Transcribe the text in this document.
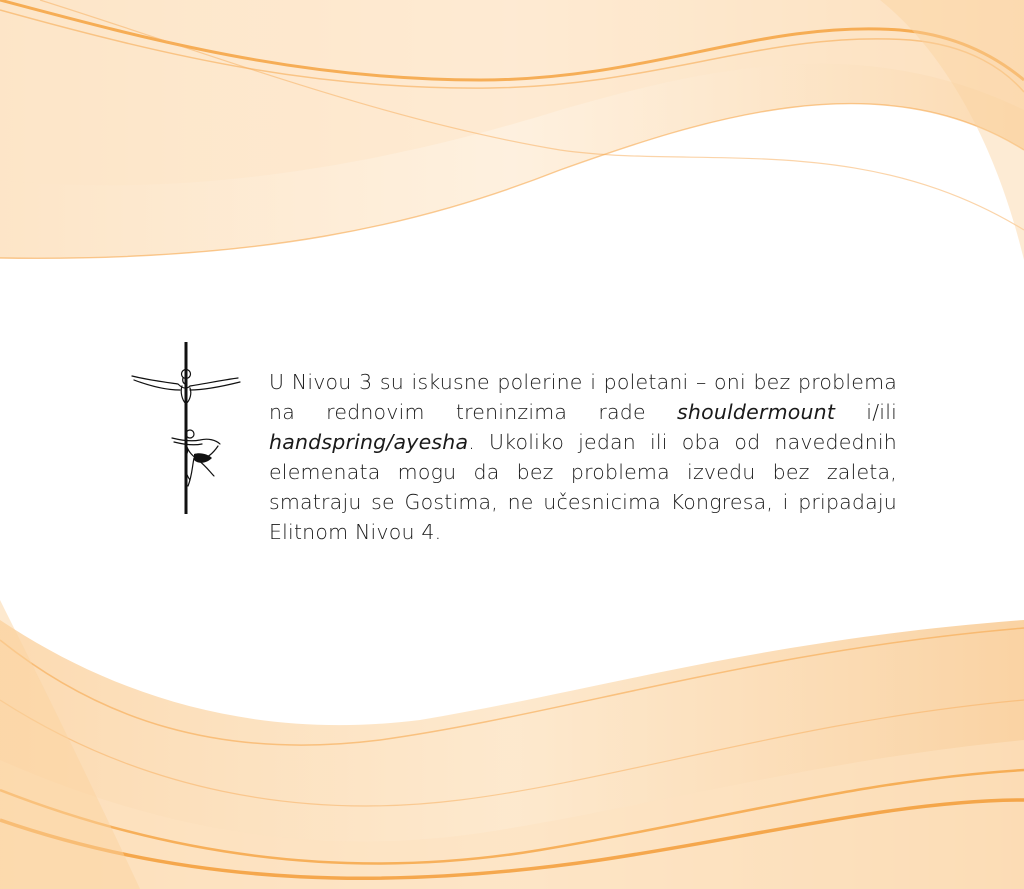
U Nivou 3 su iskusne polerine i poletani – oni bez problema na rednovim treninzima rade shouldermount i/ili handspring/ayesha. Ukoliko jedan ili oba od navedednih elemenata mogu da bez problema izvedu bez zaleta, smatraju se Gostima, ne učesnicima Kongresa, i pripadaju Elitnom Nivou 4.
